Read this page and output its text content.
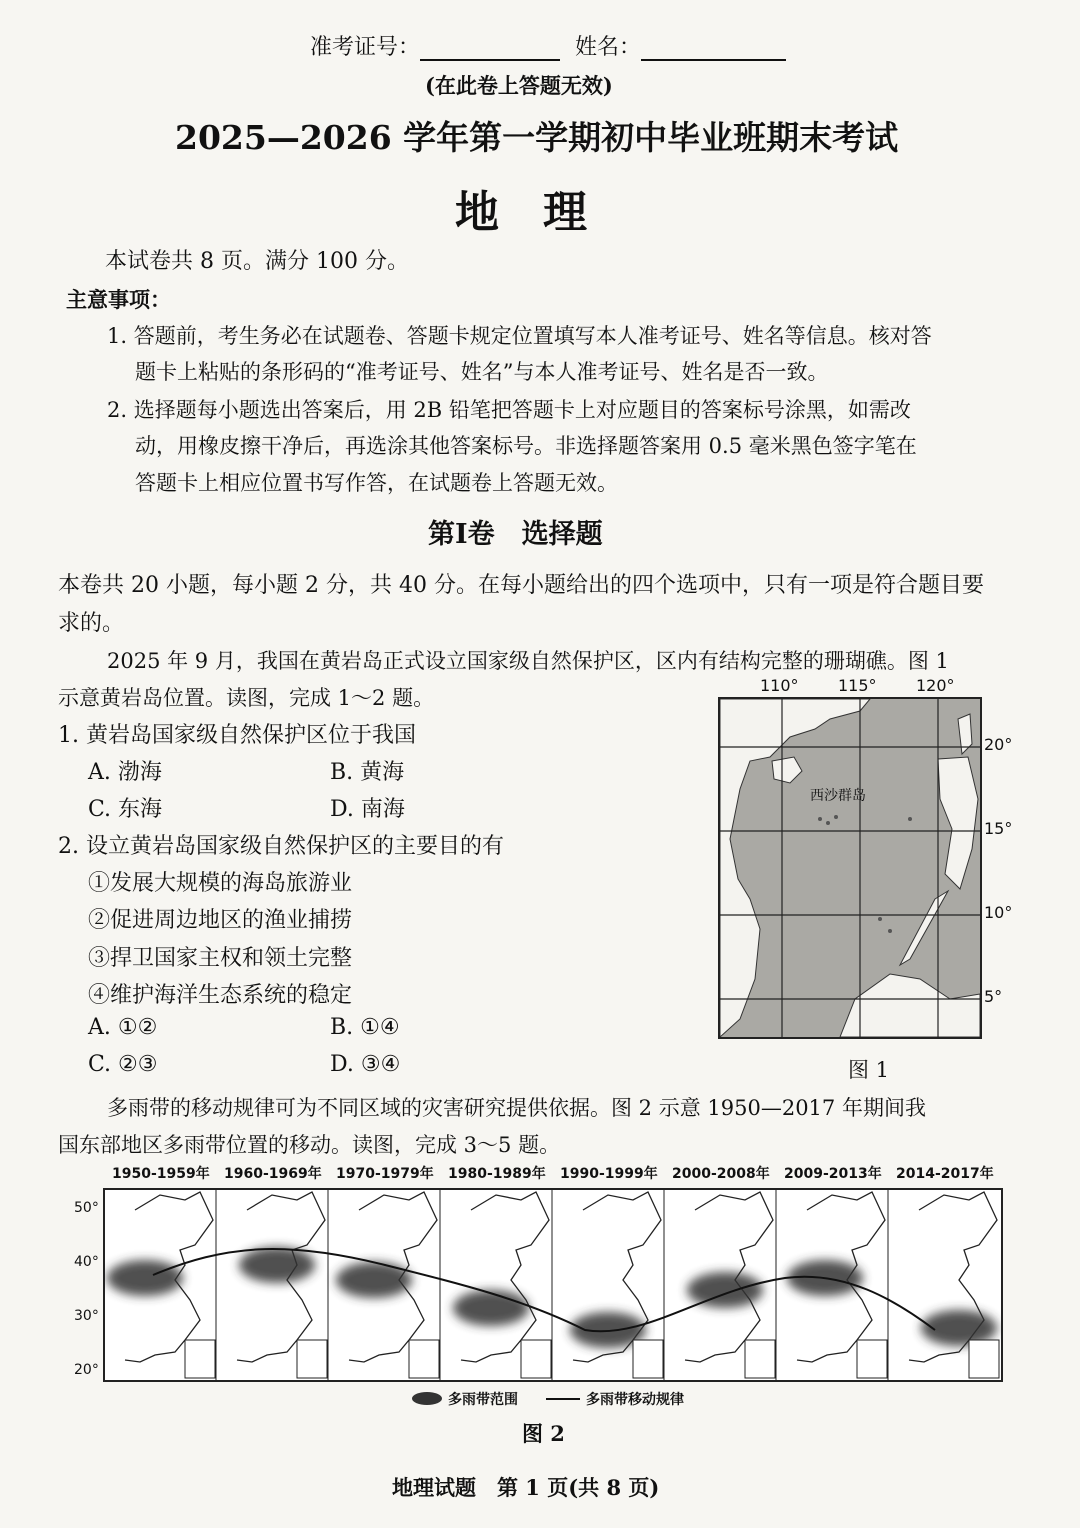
准考证号：	姓名：
(在此卷上答题无效)
2025—2026 学年第一学期初中毕业班期末考试
地　理
本试卷共 8 页。满分 100 分。
主意事项：
1. 答题前，考生务必在试题卷、答题卡规定位置填写本人准考证号、姓名等信息。核对答
题卡上粘贴的条形码的“准考证号、姓名”与本人准考证号、姓名是否一致。
2. 选择题每小题选出答案后，用 2B 铅笔把答题卡上对应题目的答案标号涂黑，如需改
动，用橡皮擦干净后，再选涂其他答案标号。非选择题答案用 0.5 毫米黑色签字笔在
答题卡上相应位置书写作答，在试题卷上答题无效。
第Ⅰ卷　选择题
本卷共 20 小题，每小题 2 分，共 40 分。在每小题给出的四个选项中，只有一项是符合题目要
求的。
2025 年 9 月，我国在黄岩岛正式设立国家级自然保护区，区内有结构完整的珊瑚礁。图 1
示意黄岩岛位置。读图，完成 1～2 题。
1. 黄岩岛国家级自然保护区位于我国
A. 渤海	B. 黄海
C. 东海	D. 南海
2. 设立黄岩岛国家级自然保护区的主要目的有
①发展大规模的海岛旅游业
②促进周边地区的渔业捕捞
③捍卫国家主权和领土完整
④维护海洋生态系统的稳定
A. ①②	B. ①④
C. ②③	D. ③④
110° 115° 120°
西沙群岛
20°
15°
10°
5°
图 1
多雨带的移动规律可为不同区域的灾害研究提供依据。图 2 示意 1950—2017 年期间我
国东部地区多雨带位置的移动。读图，完成 3～5 题。
1950-1959年 1960-1969年 1970-1979年 1980-1989年 1990-1999年 2000-2008年 2009-2013年 2014-2017年
50°
40°
30°
20°
多雨带范围	多雨带移动规律
图 2
地理试题　第 1 页(共 8 页)
